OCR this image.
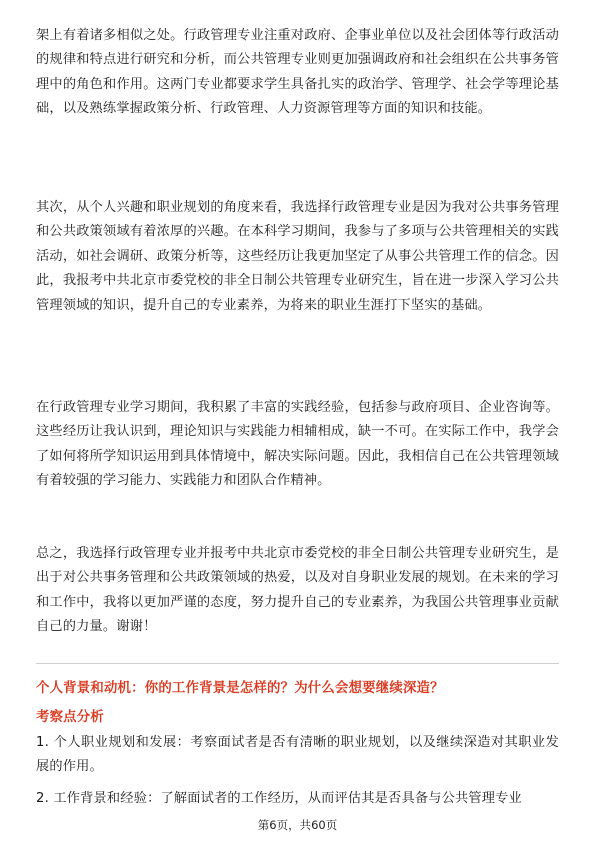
架上有着诸多相似之处。行政管理专业注重对政府、企事业单位以及社会团体等行政活动的规律和特点进行研究和分析，而公共管理专业则更加强调政府和社会组织在公共事务管理中的角色和作用。这两门专业都要求学生具备扎实的政治学、管理学、社会学等理论基础，以及熟练掌握政策分析、行政管理、人力资源管理等方面的知识和技能。

其次，从个人兴趣和职业规划的角度来看，我选择行政管理专业是因为我对公共事务管理和公共政策领域有着浓厚的兴趣。在本科学习期间，我参与了多项与公共管理相关的实践活动，如社会调研、政策分析等，这些经历让我更加坚定了从事公共管理工作的信念。因此，我报考中共北京市委党校的非全日制公共管理专业研究生，旨在进一步深入学习公共管理领域的知识，提升自己的专业素养，为将来的职业生涯打下坚实的基础。

在行政管理专业学习期间，我积累了丰富的实践经验，包括参与政府项目、企业咨询等。这些经历让我认识到，理论知识与实践能力相辅相成，缺一不可。在实际工作中，我学会了如何将所学知识运用到具体情境中，解决实际问题。因此，我相信自己在公共管理领域有着较强的学习能力、实践能力和团队合作精神。

总之，我选择行政管理专业并报考中共北京市委党校的非全日制公共管理专业研究生，是出于对公共事务管理和公共政策领域的热爱，以及对自身职业发展的规划。在未来的学习和工作中，我将以更加严谨的态度，努力提升自己的专业素养，为我国公共管理事业贡献自己的力量。谢谢！

个人背景和动机：你的工作背景是怎样的？为什么会想要继续深造？

考察点分析

1. 个人职业规划和发展：考察面试者是否有清晰的职业规划，以及继续深造对其职业发展的作用。

2. 工作背景和经验：了解面试者的工作经历，从而评估其是否具备与公共管理专业

第6页，共60页
